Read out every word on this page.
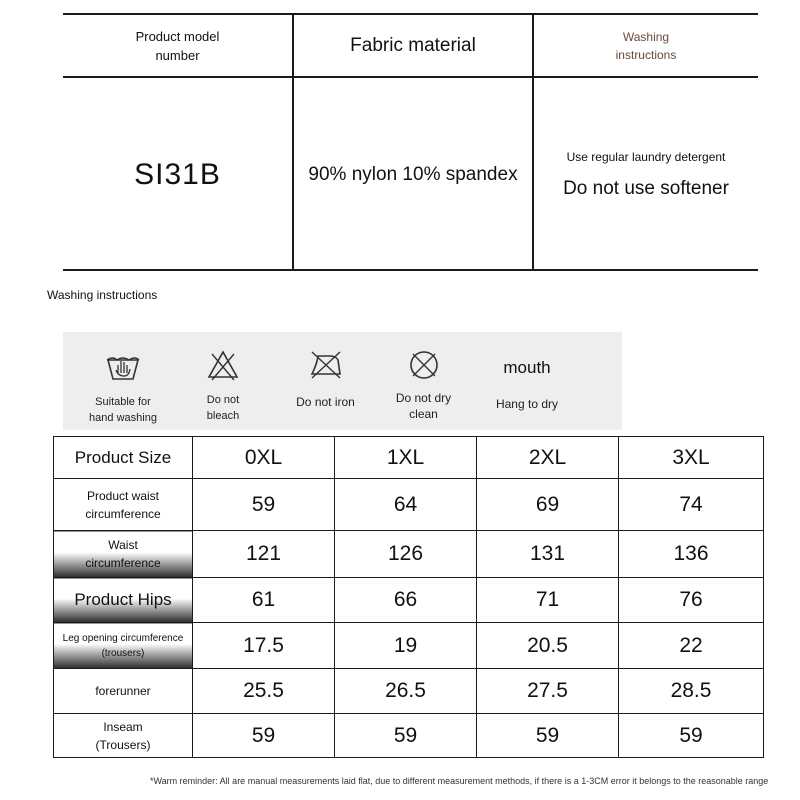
Product model
number	Fabric material	Washing
instructions
SI31B	90% nylon 10% spandex
Use regular laundry detergent
Do not use softener
Washing instructions
Suitable for
hand washing
Do not
bleach
Do not iron	Do not dry
clean
mouth
Hang to dry
Product Size	0XL	1XL	2XL	3XL

Product waist
circumference	59	64	69	74

Waist
circumference	121	126	131	136
Product Hips	61	66	71	76

Leg opening circumference
(trousers)	17.5	19	20.5	22
forerunner	25.5	26.5	27.5	28.5

Inseam
(Trousers)	59	59	59	59
*Warm reminder: All are manual measurements laid flat, due to different measurement methods, if there is a 1-3CM error it belongs to the reasonable range
